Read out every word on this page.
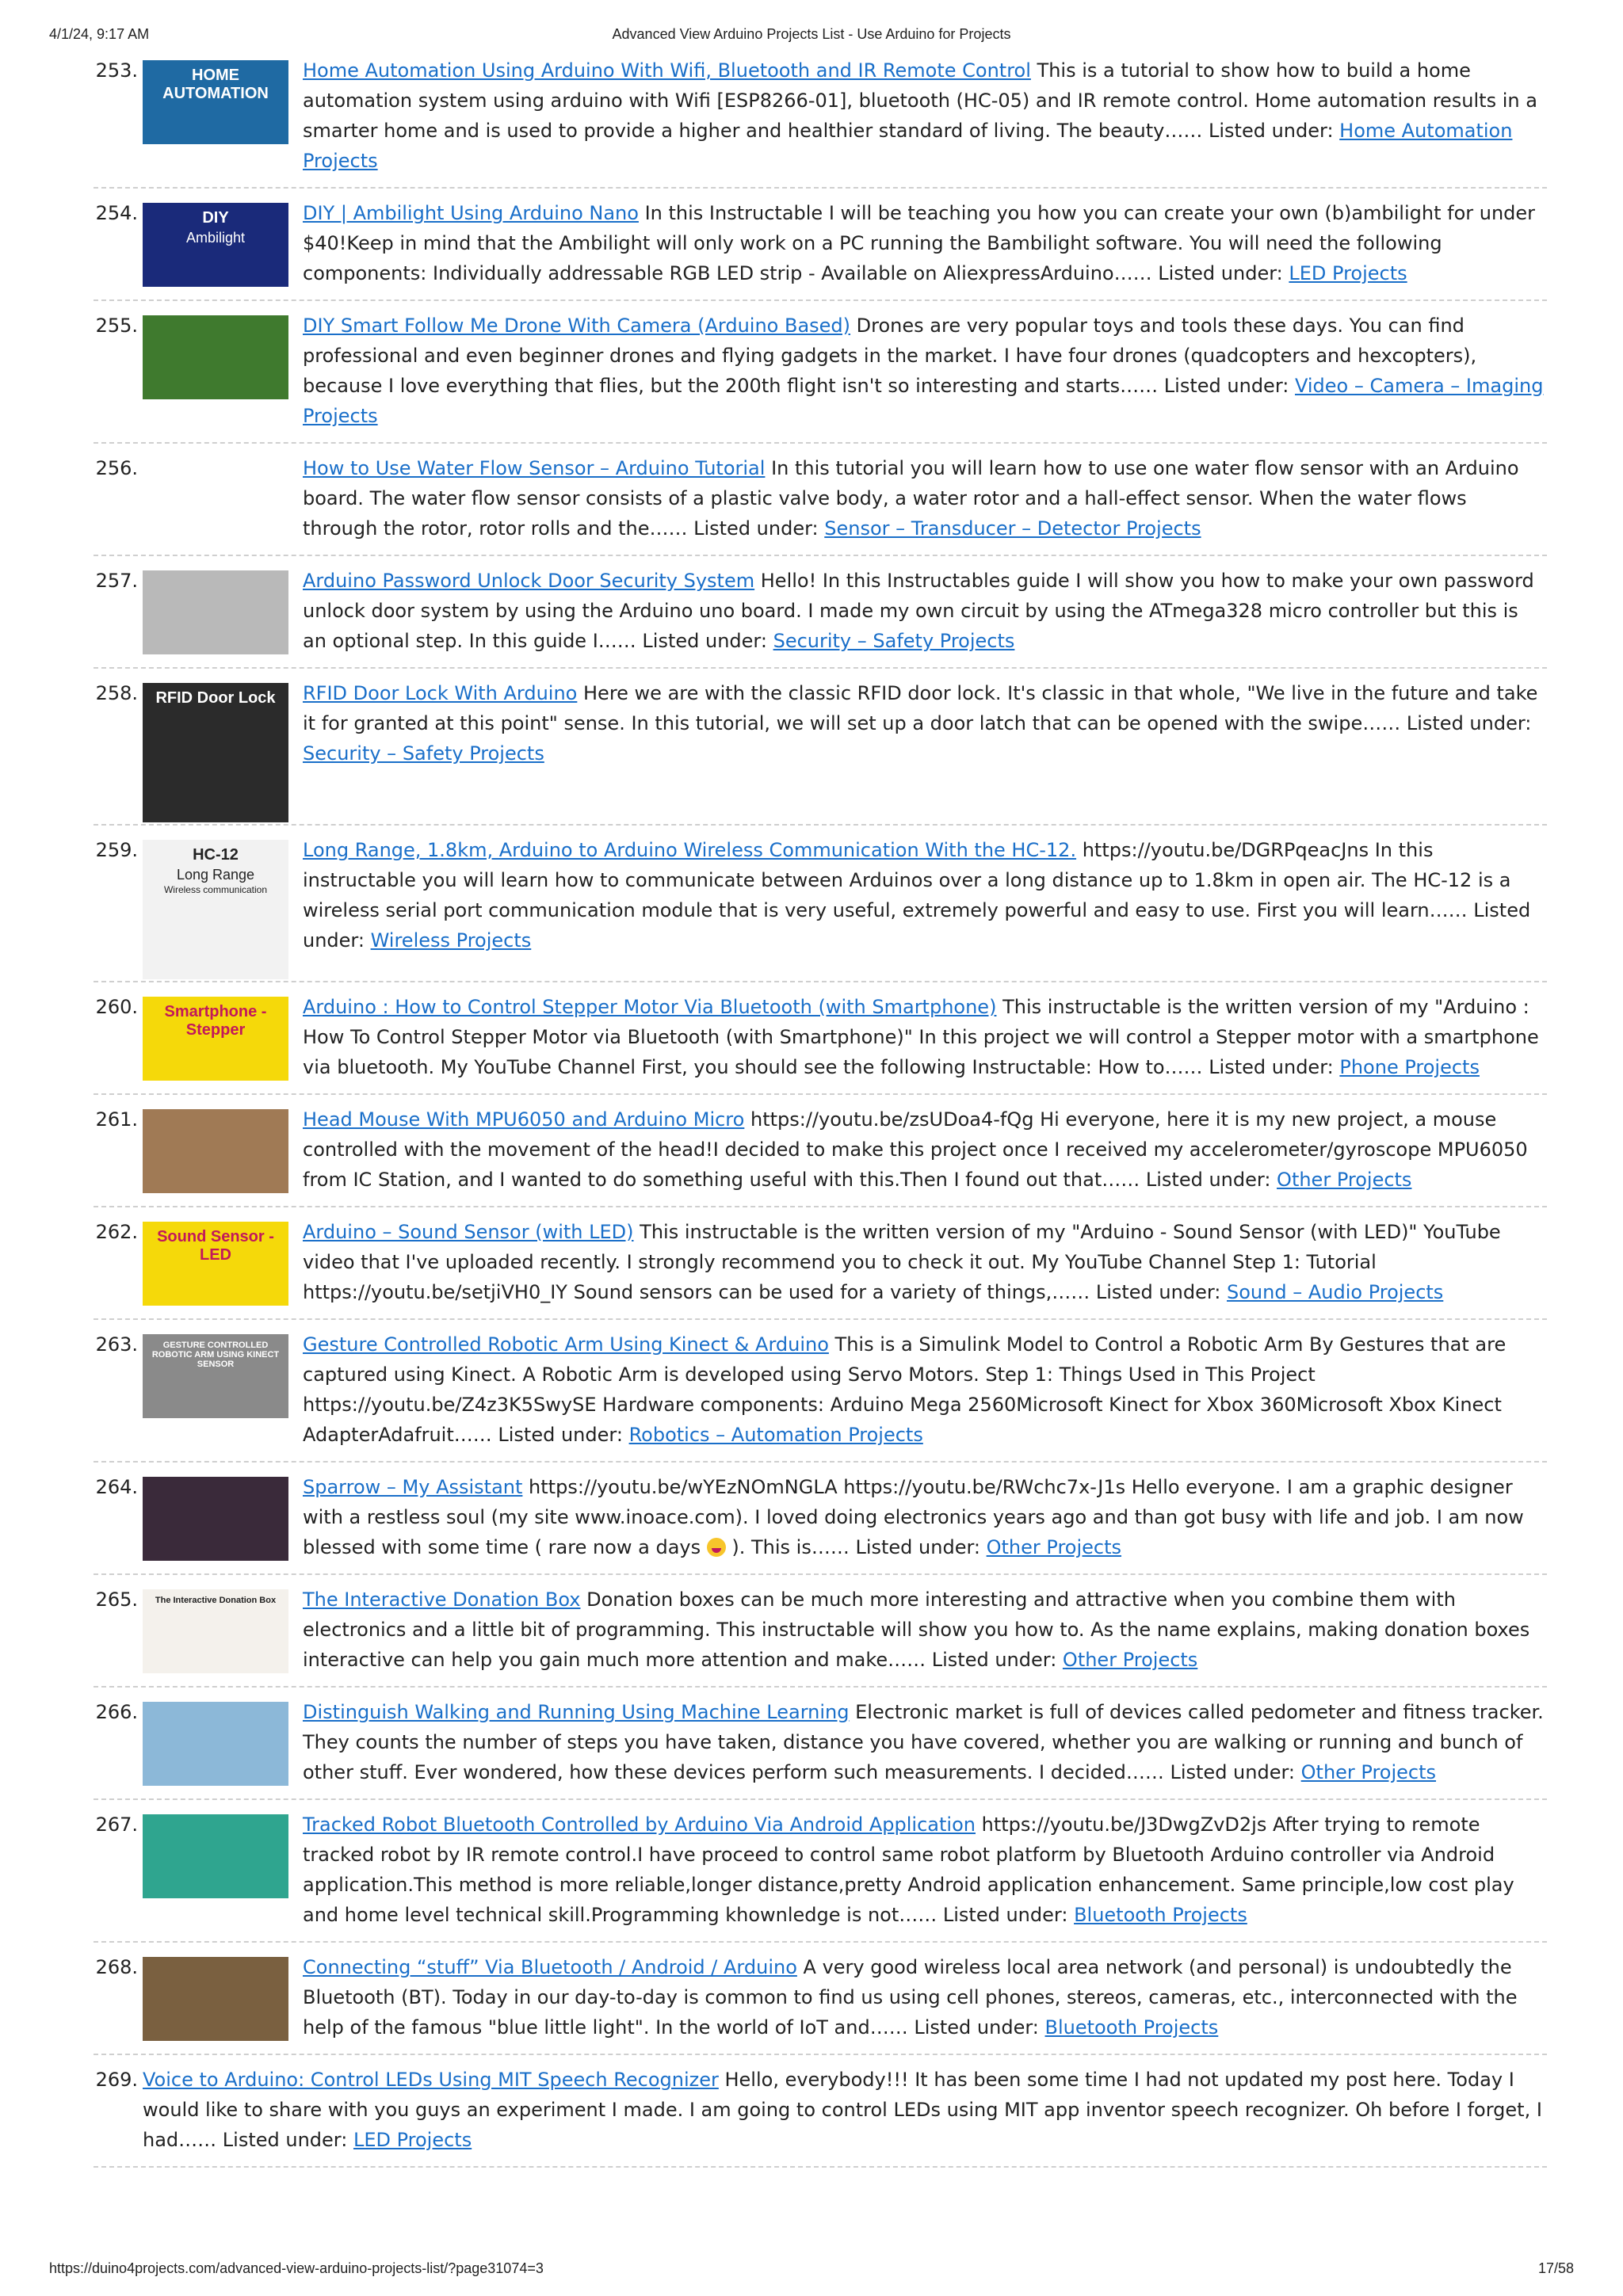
4/1/24, 9:17 AM	Advanced View Arduino Projects List - Use Arduino for Projects
253.	HOME AUTOMATION
Home Automation Using Arduino With Wifi, Bluetooth and IR Remote Control This is a tutorial to show how to build a home automation system using arduino with Wifi [ESP8266-01], bluetooth (HC-05) and IR remote control. Home automation results in a smarter home and is used to provide a higher and healthier standard of living. The beauty…… Listed under: Home Automation Projects
254.	DIY
Ambilight
DIY | Ambilight Using Arduino Nano In this Instructable I will be teaching you how you can create your own (b)ambilight for under $40!Keep in mind that the Ambilight will only work on a PC running the Bambilight software. You will need the following components: Individually addressable RGB LED strip - Available on AliexpressArduino…… Listed under: LED Projects
255.	DIY Smart Follow Me Drone With Camera (Arduino Based) Drones are very popular toys and tools these days. You can find professional and even beginner drones and flying gadgets in the market. I have four drones (quadcopters and hexcopters), because I love everything that flies, but the 200th flight isn't so interesting and starts…… Listed under: Video – Camera – Imaging Projects
256.	How to Use Water Flow Sensor – Arduino Tutorial In this tutorial you will learn how to use one water flow sensor with an Arduino board. The water flow sensor consists of a plastic valve body, a water rotor and a hall-effect sensor. When the water flows through the rotor, rotor rolls and the…… Listed under: Sensor – Transducer – Detector Projects
257.	Arduino Password Unlock Door Security System Hello! In this Instructables guide I will show you how to make your own password unlock door system by using the Arduino uno board. I made my own circuit by using the ATmega328 micro controller but this is an optional step. In this guide I…… Listed under: Security – Safety Projects
258.	RFID Door Lock	RFID Door Lock With Arduino Here we are with the classic RFID door lock. It's classic in that whole, "We live in the future and take it for granted at this point" sense. In this tutorial, we will set up a door latch that can be opened with the swipe…… Listed under: Security – Safety Projects
259.	HC-12
Long Range
Wireless communication
Long Range, 1.8km, Arduino to Arduino Wireless Communication With the HC-12. https://youtu.be/DGRPqeacJns In this instructable you will learn how to communicate between Arduinos over a long distance up to 1.8km in open air. The HC-12 is a wireless serial port communication module that is very useful, extremely powerful and easy to use. First you will learn…… Listed under: Wireless Projects
260.	Smartphone - Stepper
Arduino : How to Control Stepper Motor Via Bluetooth (with Smartphone) This instructable is the written version of my "Arduino : How To Control Stepper Motor via Bluetooth (with Smartphone)" In this project we will control a Stepper motor with a smartphone via bluetooth. My YouTube Channel First, you should see the following Instructable: How to…… Listed under: Phone Projects
261.	Head Mouse With MPU6050 and Arduino Micro https://youtu.be/zsUDoa4-fQg Hi everyone, here it is my new project, a mouse controlled with the movement of the head!I decided to make this project once I received my accelerometer/gyroscope MPU6050 from IC Station, and I wanted to do something useful with this.Then I found out that…… Listed under: Other Projects
262.	Sound Sensor - LED
Arduino – Sound Sensor (with LED) This instructable is the written version of my "Arduino - Sound Sensor (with LED)" YouTube video that I've uploaded recently. I strongly recommend you to check it out. My YouTube Channel Step 1: Tutorial https://youtu.be/setjiVH0_IY Sound sensors can be used for a variety of things,…… Listed under: Sound – Audio Projects
263.	GESTURE CONTROLLED ROBOTIC ARM USING KINECT SENSOR
Gesture Controlled Robotic Arm Using Kinect & Arduino This is a Simulink Model to Control a Robotic Arm By Gestures that are captured using Kinect. A Robotic Arm is developed using Servo Motors. Step 1: Things Used in This Project https://youtu.be/Z4z3K5SwySE Hardware components: Arduino Mega 2560Microsoft Kinect for Xbox 360Microsoft Xbox Kinect AdapterAdafruit…… Listed under: Robotics – Automation Projects
264.	Sparrow – My Assistant https://youtu.be/wYEzNOmNGLA https://youtu.be/RWchc7x-J1s Hello everyone. I am a graphic designer with a restless soul (my site www.inoace.com). I loved doing electronics years ago and than got busy with life and job. I am now blessed with some time ( rare now a days  ). This is…… Listed under: Other Projects
265.	The Interactive Donation Box	The Interactive Donation Box Donation boxes can be much more interesting and attractive when you combine them with electronics and a little bit of programming. This instructable will show you how to. As the name explains, making donation boxes interactive can help you gain much more attention and make…… Listed under: Other Projects
266.	Distinguish Walking and Running Using Machine Learning Electronic market is full of devices called pedometer and fitness tracker. They counts the number of steps you have taken, distance you have covered, whether you are walking or running and bunch of other stuff. Ever wondered, how these devices perform such measurements. I decided…… Listed under: Other Projects
267.	Tracked Robot Bluetooth Controlled by Arduino Via Android Application https://youtu.be/J3DwgZvD2js After trying to remote tracked robot by IR remote control.I have proceed to control same robot platform by Bluetooth Arduino controller via Android application.This method is more reliable,longer distance,pretty Android application enhancement. Same principle,low cost play and home level technical skill.Programming khownledge is not…… Listed under: Bluetooth Projects
268.	Connecting “stuff” Via Bluetooth / Android / Arduino A very good wireless local area network (and personal) is undoubtedly the Bluetooth (BT). Today in our day-to-day is common to find us using cell phones, stereos, cameras, etc., interconnected with the help of the famous "blue little light". In the world of IoT and…… Listed under: Bluetooth Projects
269. Voice to Arduino: Control LEDs Using MIT Speech Recognizer Hello, everybody!!! It has been some time I had not updated my post here. Today I would like to share with you guys an experiment I made. I am going to control LEDs using MIT app inventor speech recognizer. Oh before I forget, I had…… Listed under: LED Projects
https://duino4projects.com/advanced-view-arduino-projects-list/?page31074=3	17/58
